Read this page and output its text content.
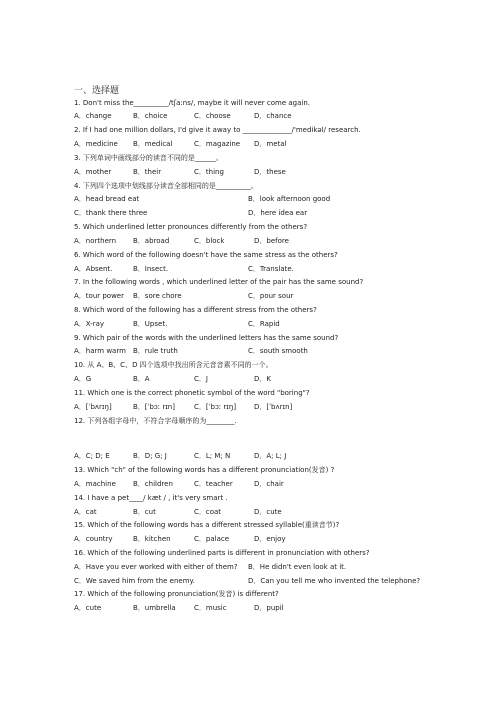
一、选择题
1. Don't miss the__________/tʃa:ns/, maybe it will never come again.
A．change	B．choice	C．choose	D．chance
2. If I had one million dollars, I'd give it away to ______________/'medikəl/ research.
A．medicine B．medical	C．magazine D．metal
3. 下列单词中画线部分的读音不同的是______。
A．mother	B．their	C．thing	D．these
4. 下列四个选项中划线部分读音全部相同的是__________。
A．head bread eat	B．look afternoon good
C．thank there three	D．here idea ear
5. Which underlined letter pronounces differently from the others?
A．northern B．abroad	C．block	D．before
6. Which word of the following doesn't have the same stress as the others?
A．Absent.	B．Insect.	C．Translate.
7. In the following words , which underlined letter of the pair has the same sound?
A．tour power B．sore chore	C．pour sour
8. Which word of the following has a different stress from the others?
A．X-ray	B．Upset.	C．Rapid
9. Which pair of the words with the underlined letters has the same sound?
A．harm warm B．rule truth	C．south smooth
10. 从 A、B、C、D 四个选项中找出所含元音音素不同的一个。
A．G	B．A	C．J	D．K
11. Which one is the correct phonetic symbol of the word "boring"?
A．[ˈbʌrɪŋ]	B．[ˈbɔː rɪn]	C．[ˈbɔː rɪŋ]	D．[ˈbʌrɪn]
12. 下列各组字母中，不符合字母顺序的为________.
A．C; D; E	B．D; G; J	C．L; M; N	D．A; L; J
13. Which "ch" of the following words has a different pronunciation(发音) ?
A．machine B．children	C．teacher	D．chair
14. I have a pet____/ kæt / , it's very smart .
A．cat	B．cut	C．coat	D．cute
15. Which of the following words has a different stressed syllable(重读音节)?
A．country	B．kitchen	C．palace	D．enjoy
16. Which of the following underlined parts is different in pronunciation with others?
A．Have you ever worked with either of them? B．He didn't even look at it.
C．We saved him from the enemy.	D．Can you tell me who invented the telephone?
17. Which of the following pronunciation(发音) is different?
A．cute	B．umbrella	C．music	D．pupil
